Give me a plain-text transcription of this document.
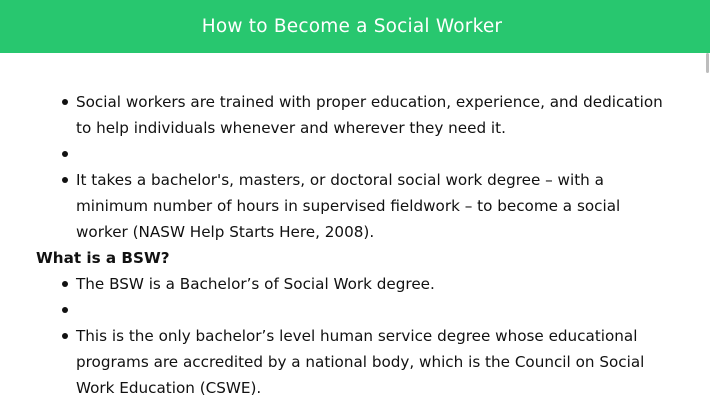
How to Become a Social Worker
Social workers are trained with proper education, experience, and dedication to help individuals whenever and wherever they need it.
It takes a bachelor's, masters, or doctoral social work degree – with a minimum number of hours in supervised fieldwork – to become a social worker (NASW Help Starts Here, 2008).

What is a BSW?

The BSW is a Bachelor’s of Social Work degree.
This is the only bachelor’s level human service degree whose educational programs are accredited by a national body, which is the Council on Social Work Education (CSWE).
